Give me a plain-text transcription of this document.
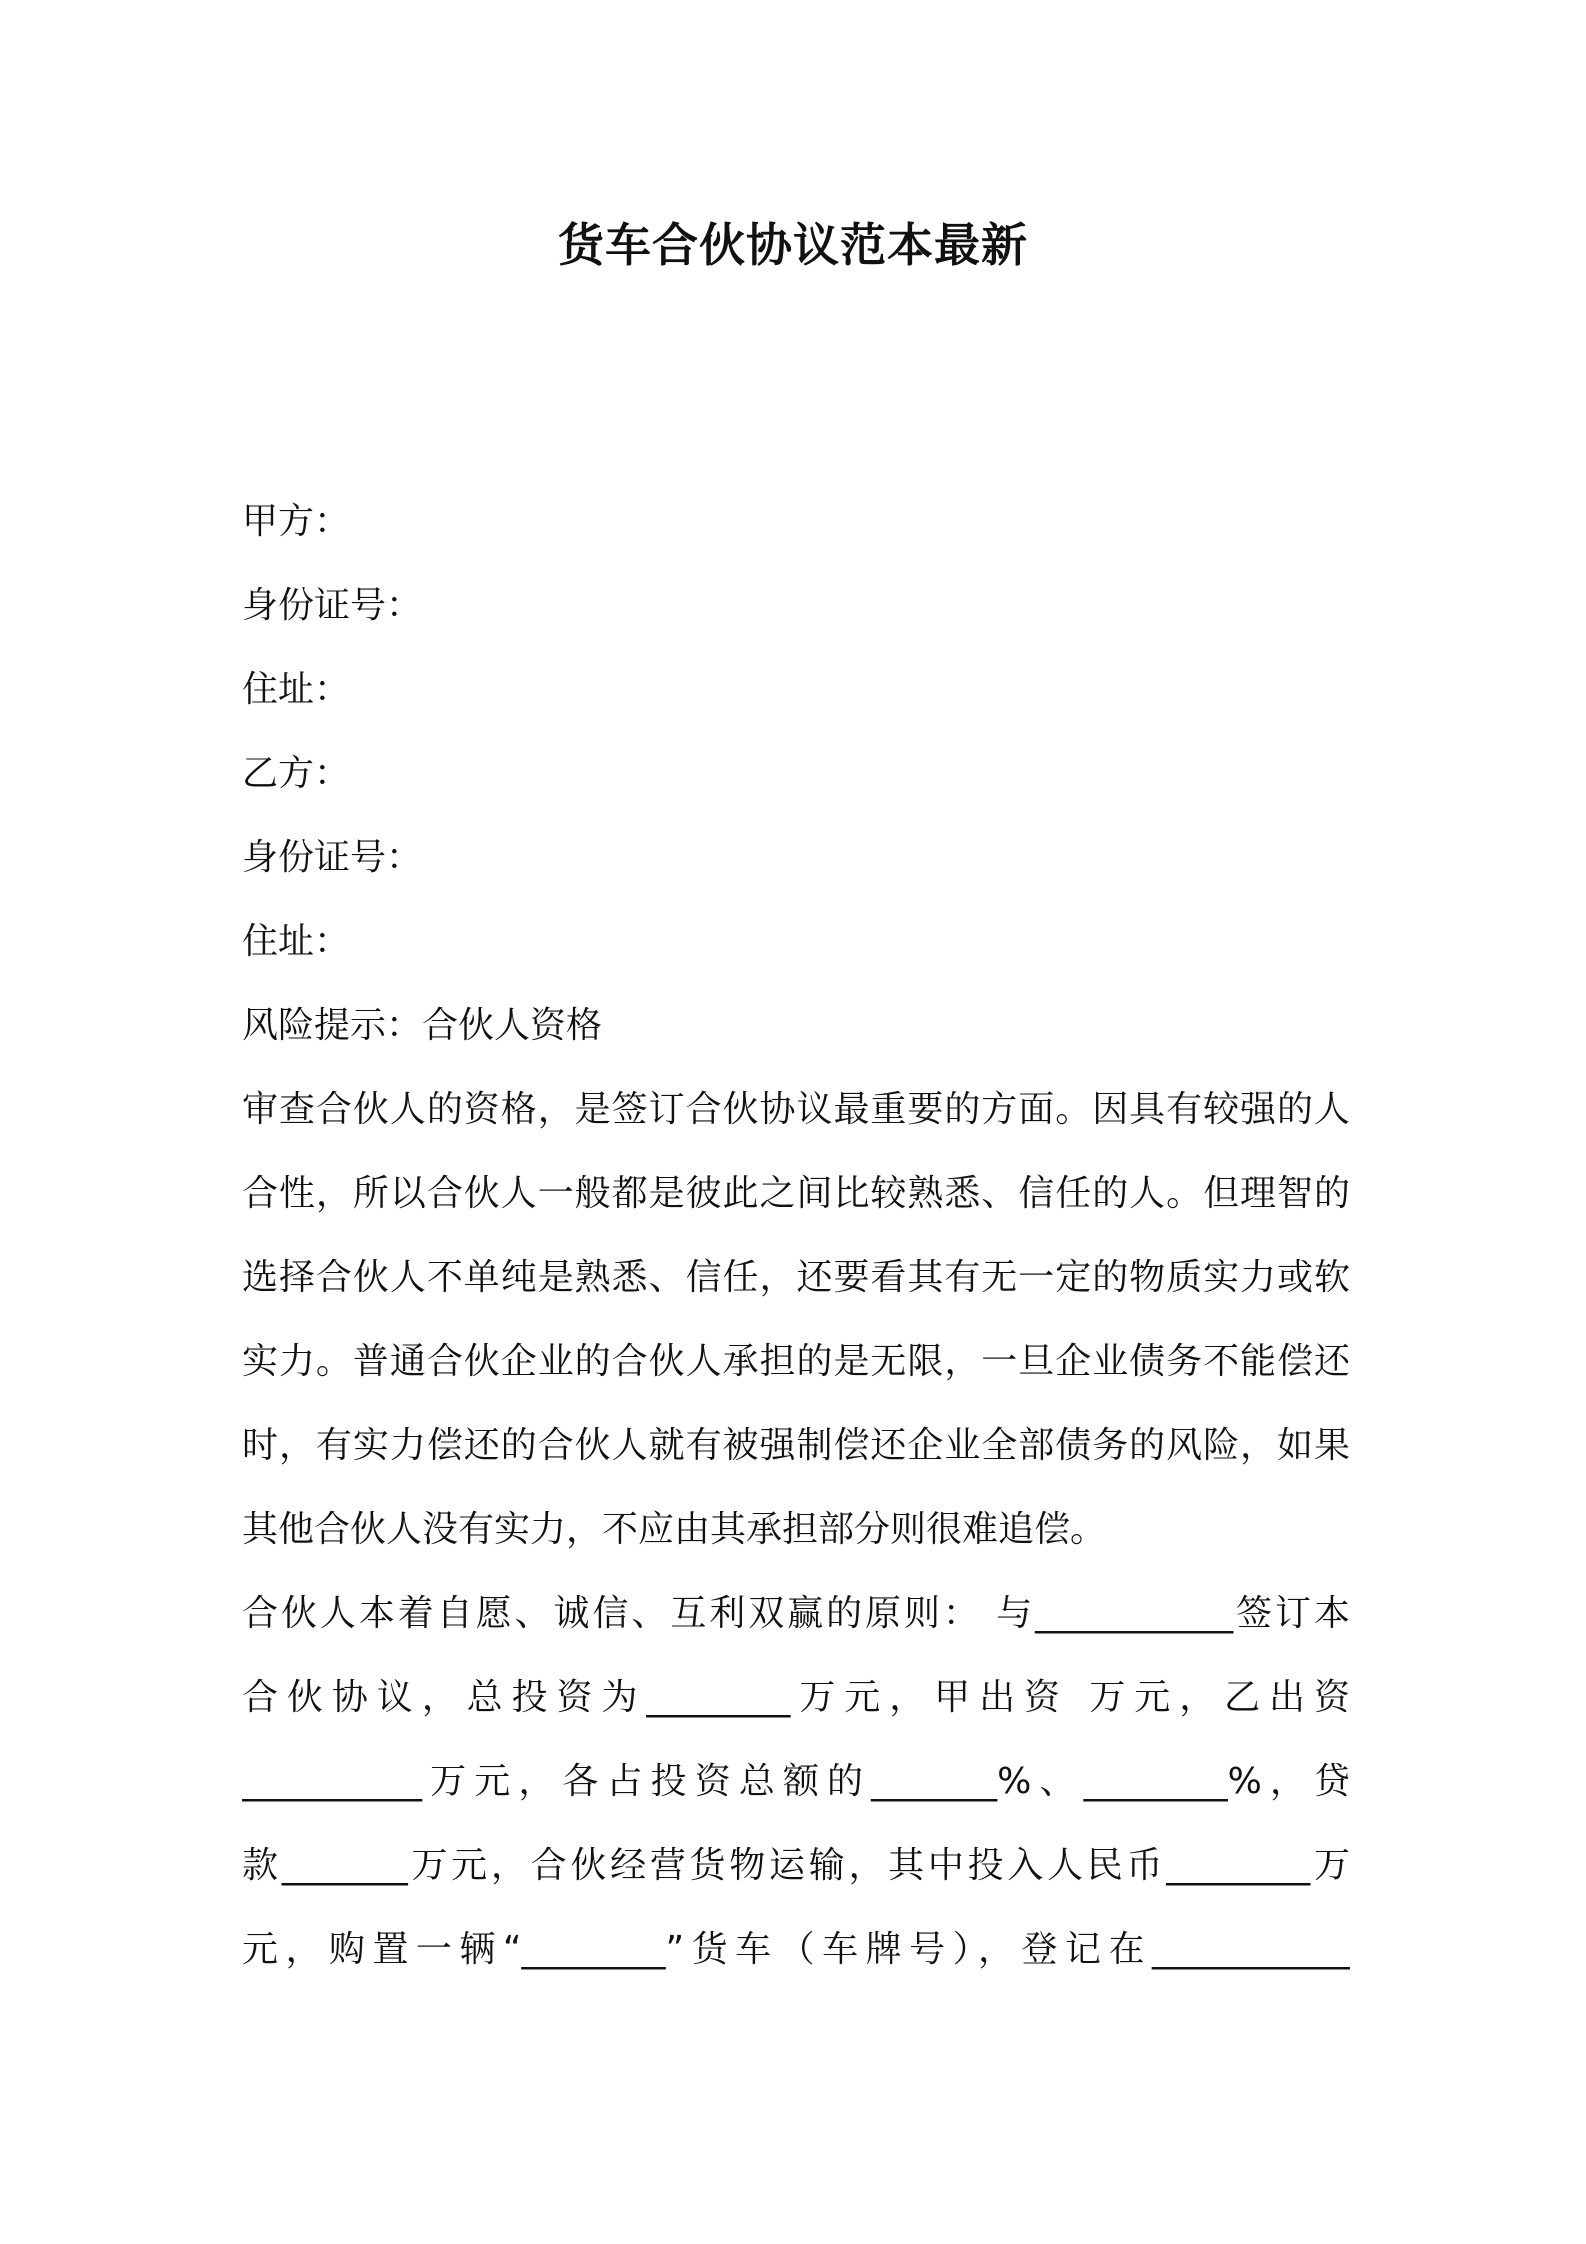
货车合伙协议范本最新
甲方：
身份证号：
住址：
乙方：
身份证号：
住址：
风险提示：合伙人资格
审查合伙人的资格，是签订合伙协议最重要的方面。因具有较强的人
合性，所以合伙人一般都是彼此之间比较熟悉、信任的人。但理智的
选择合伙人不单纯是熟悉、信任，还要看其有无一定的物质实力或软
实力。普通合伙企业的合伙人承担的是无限，一旦企业债务不能偿还
时，有实力偿还的合伙人就有被强制偿还企业全部债务的风险，如果
其他合伙人没有实力，不应由其承担部分则很难追偿。
合伙人本着自愿、诚信、互利双赢的原则： 与___________签订本
合伙协议，总投资为________万元，甲出资 万元，乙出资
__________万元，各占投资总额的_______%、________%，贷
款_______万元，合伙经营货物运输，其中投入人民币________万
元，购置一辆“________”货车（车牌号），登记在___________
